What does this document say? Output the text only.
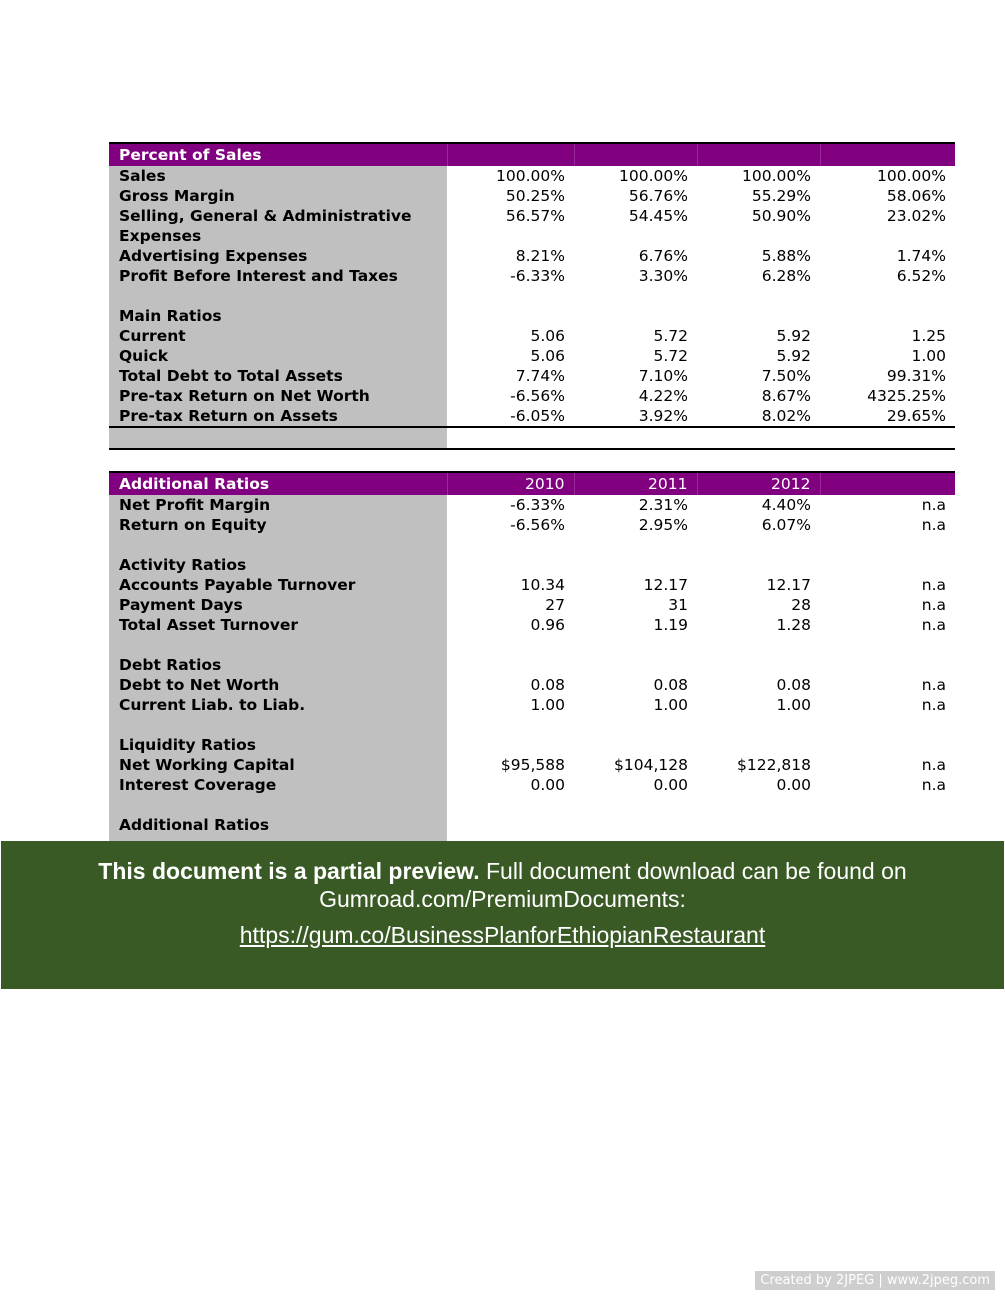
Percent of Sales				
Sales	100.00%	100.00%	100.00%	100.00%
Gross Margin	50.25%	56.76%	55.29%	58.06%
Selling, General & Administrative Expenses	56.57%	54.45%	50.90%	23.02%
Advertising Expenses	8.21%	6.76%	5.88%	1.74%
Profit Before Interest and Taxes	-6.33%	3.30%	6.28%	6.52%

Main Ratios				
Current	5.06	5.72	5.92	1.25
Quick	5.06	5.72	5.92	1.00
Total Debt to Total Assets	7.74%	7.10%	7.50%	99.31%
Pre-tax Return on Net Worth	-6.56%	4.22%	8.67%	4325.25%
Pre-tax Return on Assets	-6.05%	3.92%	8.02%	29.65%

Additional Ratios	2010	2011	2012	
Net Profit Margin	-6.33%	2.31%	4.40%	n.a
Return on Equity	-6.56%	2.95%	6.07%	n.a

Activity Ratios				
Accounts Payable Turnover	10.34	12.17	12.17	n.a
Payment Days	27	31	28	n.a
Total Asset Turnover	0.96	1.19	1.28	n.a

Debt Ratios				
Debt to Net Worth	0.08	0.08	0.08	n.a
Current Liab. to Liab.	1.00	1.00	1.00	n.a

Liquidity Ratios				
Net Working Capital	$95,588	$104,128	$122,818	n.a
Interest Coverage	0.00	0.00	0.00	n.a

Additional Ratios				

This document is a partial preview. Full document download can be found on
Gumroad.com/PremiumDocuments:
https://gum.co/BusinessPlanforEthiopianRestaurant
Created by 2JPEG | www.2jpeg.com
